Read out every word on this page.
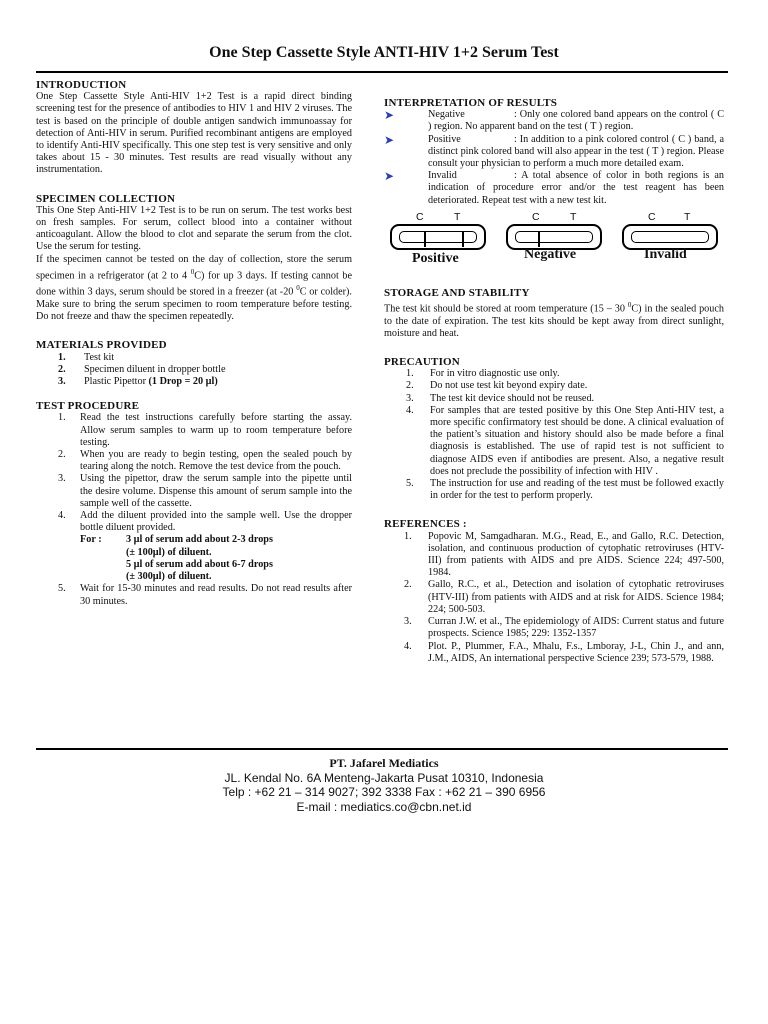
One Step Cassette Style ANTI-HIV 1+2 Serum Test
INTRODUCTION

One Step Cassette Style Anti-HIV 1+2 Test is a rapid direct binding screening test for the presence of antibodies to HIV 1 and HIV 2 viruses. The test is based on the principle of double antigen sandwich immunoassay for detection of Anti-HIV in serum. Purified recombinant antigens are employed to identify Anti-HIV specifically. This one step test is very sensitive and only takes about 15 - 30 minutes. Test results are read visually without any instrumentation.

SPECIMEN COLLECTION

This One Step Anti-HIV 1+2 Test is to be run on serum. The test works best on fresh samples. For serum, collect blood into a container without anticoagulant. Allow the blood to clot and separate the serum from the clot. Use the serum for testing.

If the specimen cannot be tested on the day of collection, store the serum specimen in a refrigerator (at 2 to 4 $^0$C) for up 3 days. If testing cannot be done within 3 days, serum should be stored in a freezer (at -20 $^0$C or colder). Make sure to bring the serum specimen to room temperature before testing. Do not freeze and thaw the specimen repeatedly.

MATERIALS PROVIDED
1.	Test kit
2.	Specimen diluent in dropper bottle
3.	Plastic Pipettor (1 Drop = 20 µl)
TEST PROCEDURE
1.	Read the test instructions carefully before starting the assay. Allow serum samples to warm up to room temperature before testing.
2.	When you are ready to begin testing, open the sealed pouch by tearing along the notch. Remove the test device from the pouch.
3.	Using the pipettor, draw the serum sample into the pipette until the desire volume. Dispense this amount of serum sample into the sample well of the cassette.
4.	Add the diluent provided into the sample well. Use the dropper bottle diluent provided.
For :	3 µl of serum add about 2-3 drops
(± 100µl) of diluent.
5 µl of serum add about 6-7 drops
(± 300µl) of diluent.
5.	Wait for 15-30 minutes and read results. Do not read results after 30 minutes.
INTERPRETATION OF RESULTS
➤	Negative	: Only one colored band appears on the control ( C ) region. No apparent band on the test ( T ) region.
➤	Positive	: In addition to a pink colored control ( C ) band, a distinct pink colored band will also appear in the test ( T ) region. Please consult your physician to perform a much more detailed exam.
➤	Invalid	: A total absence of color in both regions is an indication of procedure error and/or the test reagent has been deteriorated. Repeat test with a new test kit.
C	T
Positive
C	T
Negative
C	T
Invalid
STORAGE AND STABILITY

The test kit should be stored at room temperature (15 – 30 $^0$C) in the sealed pouch to the date of expiration. The test kits should be kept away from direct sunlight, moisture and heat.

PRECAUTION
1.	For in vitro diagnostic use only.
2.	Do not use test kit beyond expiry date.
3.	The test kit device should not be reused.
4.	For samples that are tested positive by this One Step Anti-HIV test, a more specific confirmatory test should be done. A clinical evaluation of the patient’s situation and history should also be made before a final diagnosis is established. The use of rapid test is not sufficient to diagnose AIDS even if antibodies are present. Also, a negative result does not preclude the possibility of infection with HIV .
5.	The instruction for use and reading of the test must be followed exactly in order for the test to perform properly.
REFERENCES :
1.	Popovic M, Samgadharan. M.G., Read, E., and Gallo, R.C. Detection, isolation, and continuous production of cytophatic retroviruses (HTV-III) from patients with AIDS and pre AIDS. Science 224; 497-500, 1984.
2.	Gallo, R.C., et al., Detection and isolation of cytophatic retroviruses (HTV-III) from patients with AIDS and at risk for AIDS. Science 1984; 224; 500-503.
3.	Curran J.W. et al., The epidemiology of AIDS: Current status and future prospects. Science 1985; 229: 1352-1357
4.	Plot. P., Plummer, F.A., Mhalu, F.s., Lmboray, J-L, Chin J., and ann, J.M., AIDS, An international perspective Science 239; 573-579, 1988.
PT. Jafarel Mediatics
JL. Kendal No. 6A Menteng-Jakarta Pusat 10310, Indonesia
Telp : +62 21 – 314 9027; 392 3338 Fax : +62 21 – 390 6956
E-mail : mediatics.co@cbn.net.id
